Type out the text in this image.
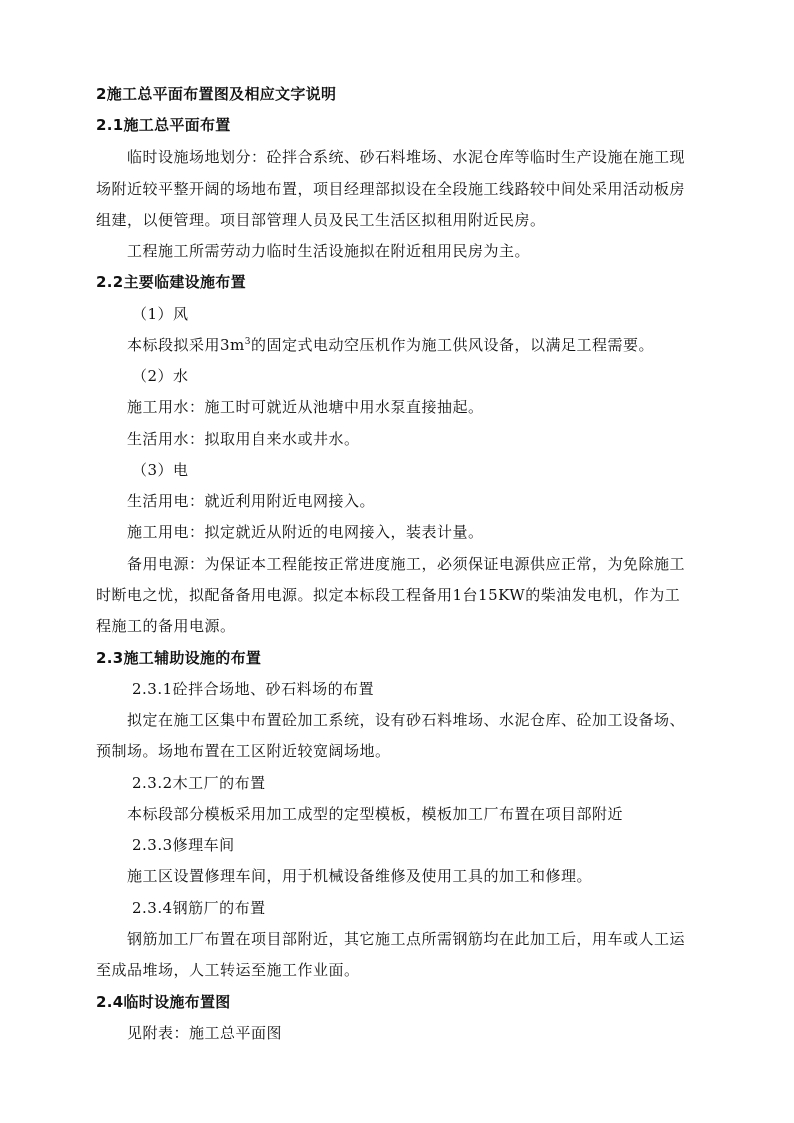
2施工总平面布置图及相应文字说明
2.1施工总平面布置
临时设施场地划分：砼拌合系统、砂石料堆场、水泥仓库等临时生产设施在施工现
场附近较平整开阔的场地布置，项目经理部拟设在全段施工线路较中间处采用活动板房
组建，以便管理。项目部管理人员及民工生活区拟租用附近民房。
工程施工所需劳动力临时生活设施拟在附近租用民房为主。
2.2主要临建设施布置
（1）风
本标段拟采用$3m^3$的固定式电动空压机作为施工供风设备，以满足工程需要。
（2）水
施工用水：施工时可就近从池塘中用水泵直接抽起。
生活用水：拟取用自来水或井水。
（3）电
生活用电：就近利用附近电网接入。
施工用电：拟定就近从附近的电网接入，装表计量。
备用电源：为保证本工程能按正常进度施工，必须保证电源供应正常，为免除施工
时断电之忧，拟配备备用电源。拟定本标段工程备用1台15KW的柴油发电机，作为工
程施工的备用电源。
2.3施工辅助设施的布置
2.3.1砼拌合场地、砂石料场的布置
拟定在施工区集中布置砼加工系统，设有砂石料堆场、水泥仓库、砼加工设备场、
预制场。场地布置在工区附近较宽阔场地。
2.3.2木工厂的布置
本标段部分模板采用加工成型的定型模板，模板加工厂布置在项目部附近
2.3.3修理车间
施工区设置修理车间，用于机械设备维修及使用工具的加工和修理。
2.3.4钢筋厂的布置
钢筋加工厂布置在项目部附近，其它施工点所需钢筋均在此加工后，用车或人工运
至成品堆场，人工转运至施工作业面。
2.4临时设施布置图
见附表：施工总平面图
